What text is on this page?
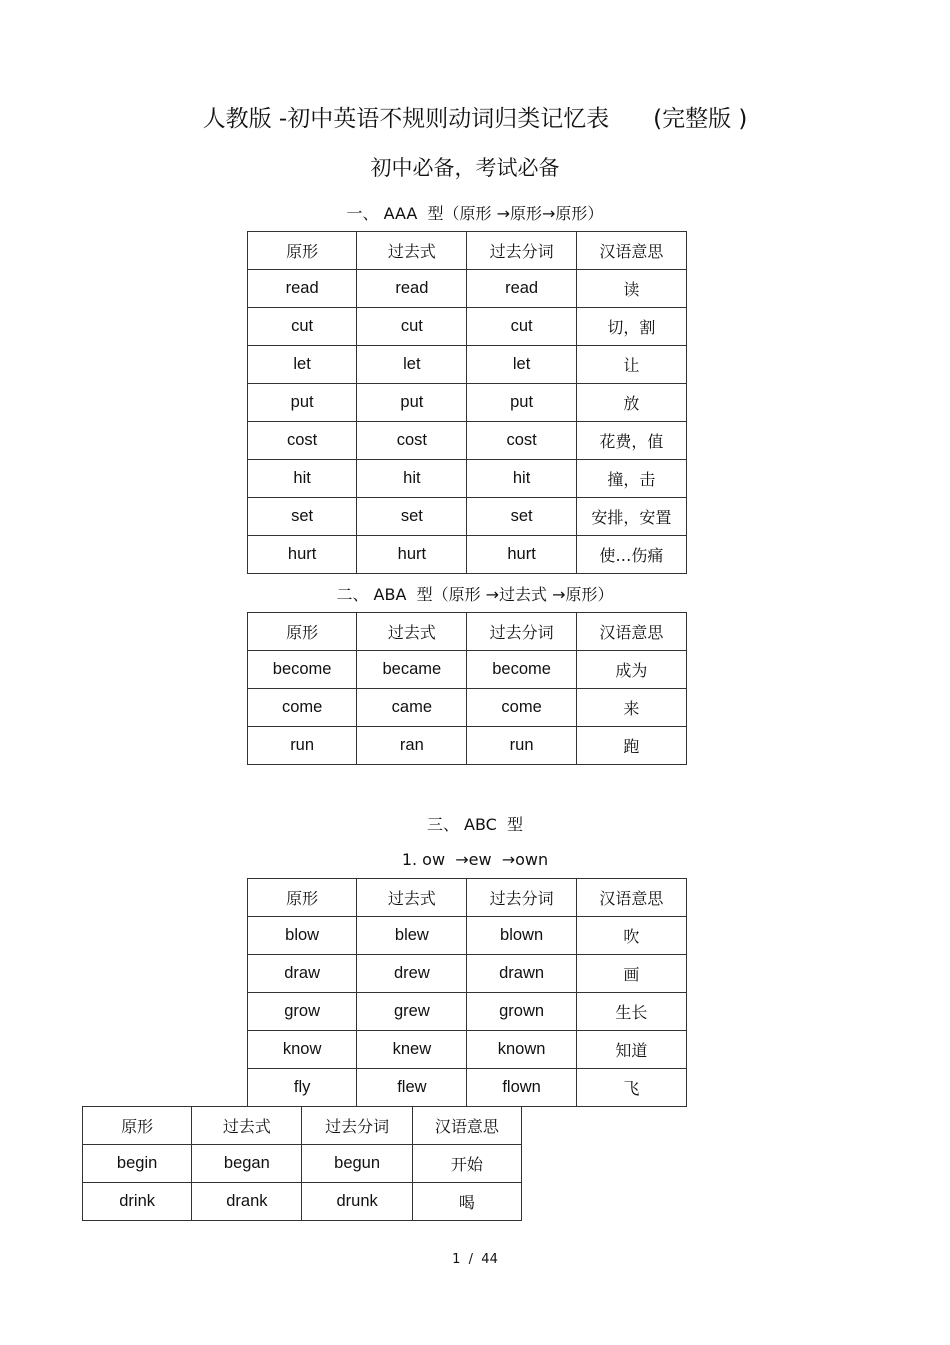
人教版 -初中英语不规则动词归类记忆表      (完整版 )
初中必备，考试必备
一、 AAA  型（原形 →原形→原形）
原形	过去式	过去分词	汉语意思
read	read	read	读
cut	cut	cut	切，割
let	let	let	让
put	put	put	放
cost	cost	cost	花费，值
hit	hit	hit	撞，击
set	set	set	安排，安置
hurt	hurt	hurt	使…伤痛
二、 ABA  型（原形 →过去式 →原形）
原形	过去式	过去分词	汉语意思
become	became	become	成为
come	came	come	来
run	ran	run	跑
三、 ABC  型
1. ow  →ew  →own
原形	过去式	过去分词	汉语意思
blow	blew	blown	吹
draw	drew	drawn	画
grow	grew	grown	生长
know	knew	known	知道
fly	flew	flown	飞
原形	过去式	过去分词	汉语意思
begin	began	begun	开始
drink	drank	drunk	喝
1  /  44
